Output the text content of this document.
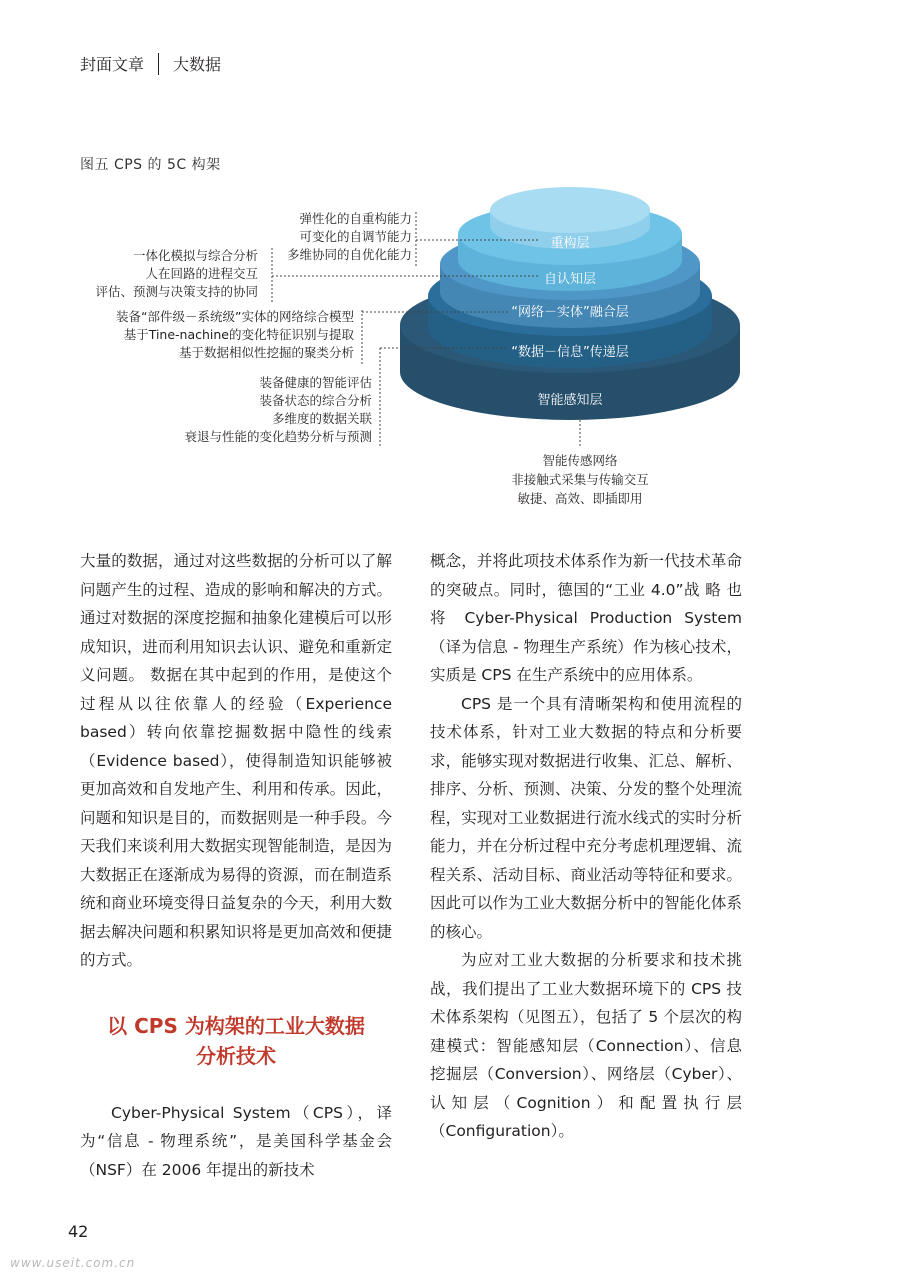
封面文章 大数据
图五 CPS 的 5C 构架
重构层
自认知层
“网络－实体”融合层
“数据－信息”传递层
智能感知层
弹性化的自重构能力
可变化的自调节能力
多维协同的自优化能力
一体化模拟与综合分析
人在回路的进程交互
评估、预测与决策支持的协同
装备“部件级－系统级”实体的网络综合模型
基于Tine-nachine的变化特征识别与提取
基于数据相似性挖掘的聚类分析
装备健康的智能评估
装备状态的综合分析
多维度的数据关联
衰退与性能的变化趋势分析与预测
智能传感网络
非接触式采集与传输交互
敏捷、高效、即插即用

大量的数据，通过对这些数据的分析可以了解问题产生的过程、造成的影响和解决的方式。通过对数据的深度挖掘和抽象化建模后可以形成知识，进而利用知识去认识、避免和重新定义问题。 数据在其中起到的作用，是使这个过程从以往依靠人的经验（Experience based）转向依靠挖掘数据中隐性的线索（Evidence based），使得制造知识能够被更加高效和自发地产生、利用和传承。因此，问题和知识是目的，而数据则是一种手段。今天我们来谈利用大数据实现智能制造，是因为大数据正在逐渐成为易得的资源，而在制造系统和商业环境变得日益复杂的今天，利用大数据去解决问题和积累知识将是更加高效和便捷的方式。

以 CPS 为构架的工业大数据
分析技术

Cyber-Physical System（CPS），译为“信息 - 物理系统”，是美国科学基金会（NSF）在 2006 年提出的新技术

概念，并将此项技术体系作为新一代技术革命的突破点。同时，德国的“工业 4.0”战 略 也 将 Cyber-Physical Production System（译为信息 - 物理生产系统）作为核心技术，实质是 CPS 在生产系统中的应用体系。

CPS 是一个具有清晰架构和使用流程的技术体系，针对工业大数据的特点和分析要求，能够实现对数据进行收集、汇总、解析、排序、分析、预测、决策、分发的整个处理流程，实现对工业数据进行流水线式的实时分析能力，并在分析过程中充分考虑机理逻辑、流程关系、活动目标、商业活动等特征和要求。因此可以作为工业大数据分析中的智能化体系的核心。

为应对工业大数据的分析要求和技术挑战，我们提出了工业大数据环境下的 CPS 技术体系架构（见图五），包括了 5 个层次的构建模式：智能感知层（Connection）、信息挖掘层（Conversion）、网络层（Cyber）、认知层（Cognition）和配置执行层（Configuration）。

42
www.useit.com.cn
